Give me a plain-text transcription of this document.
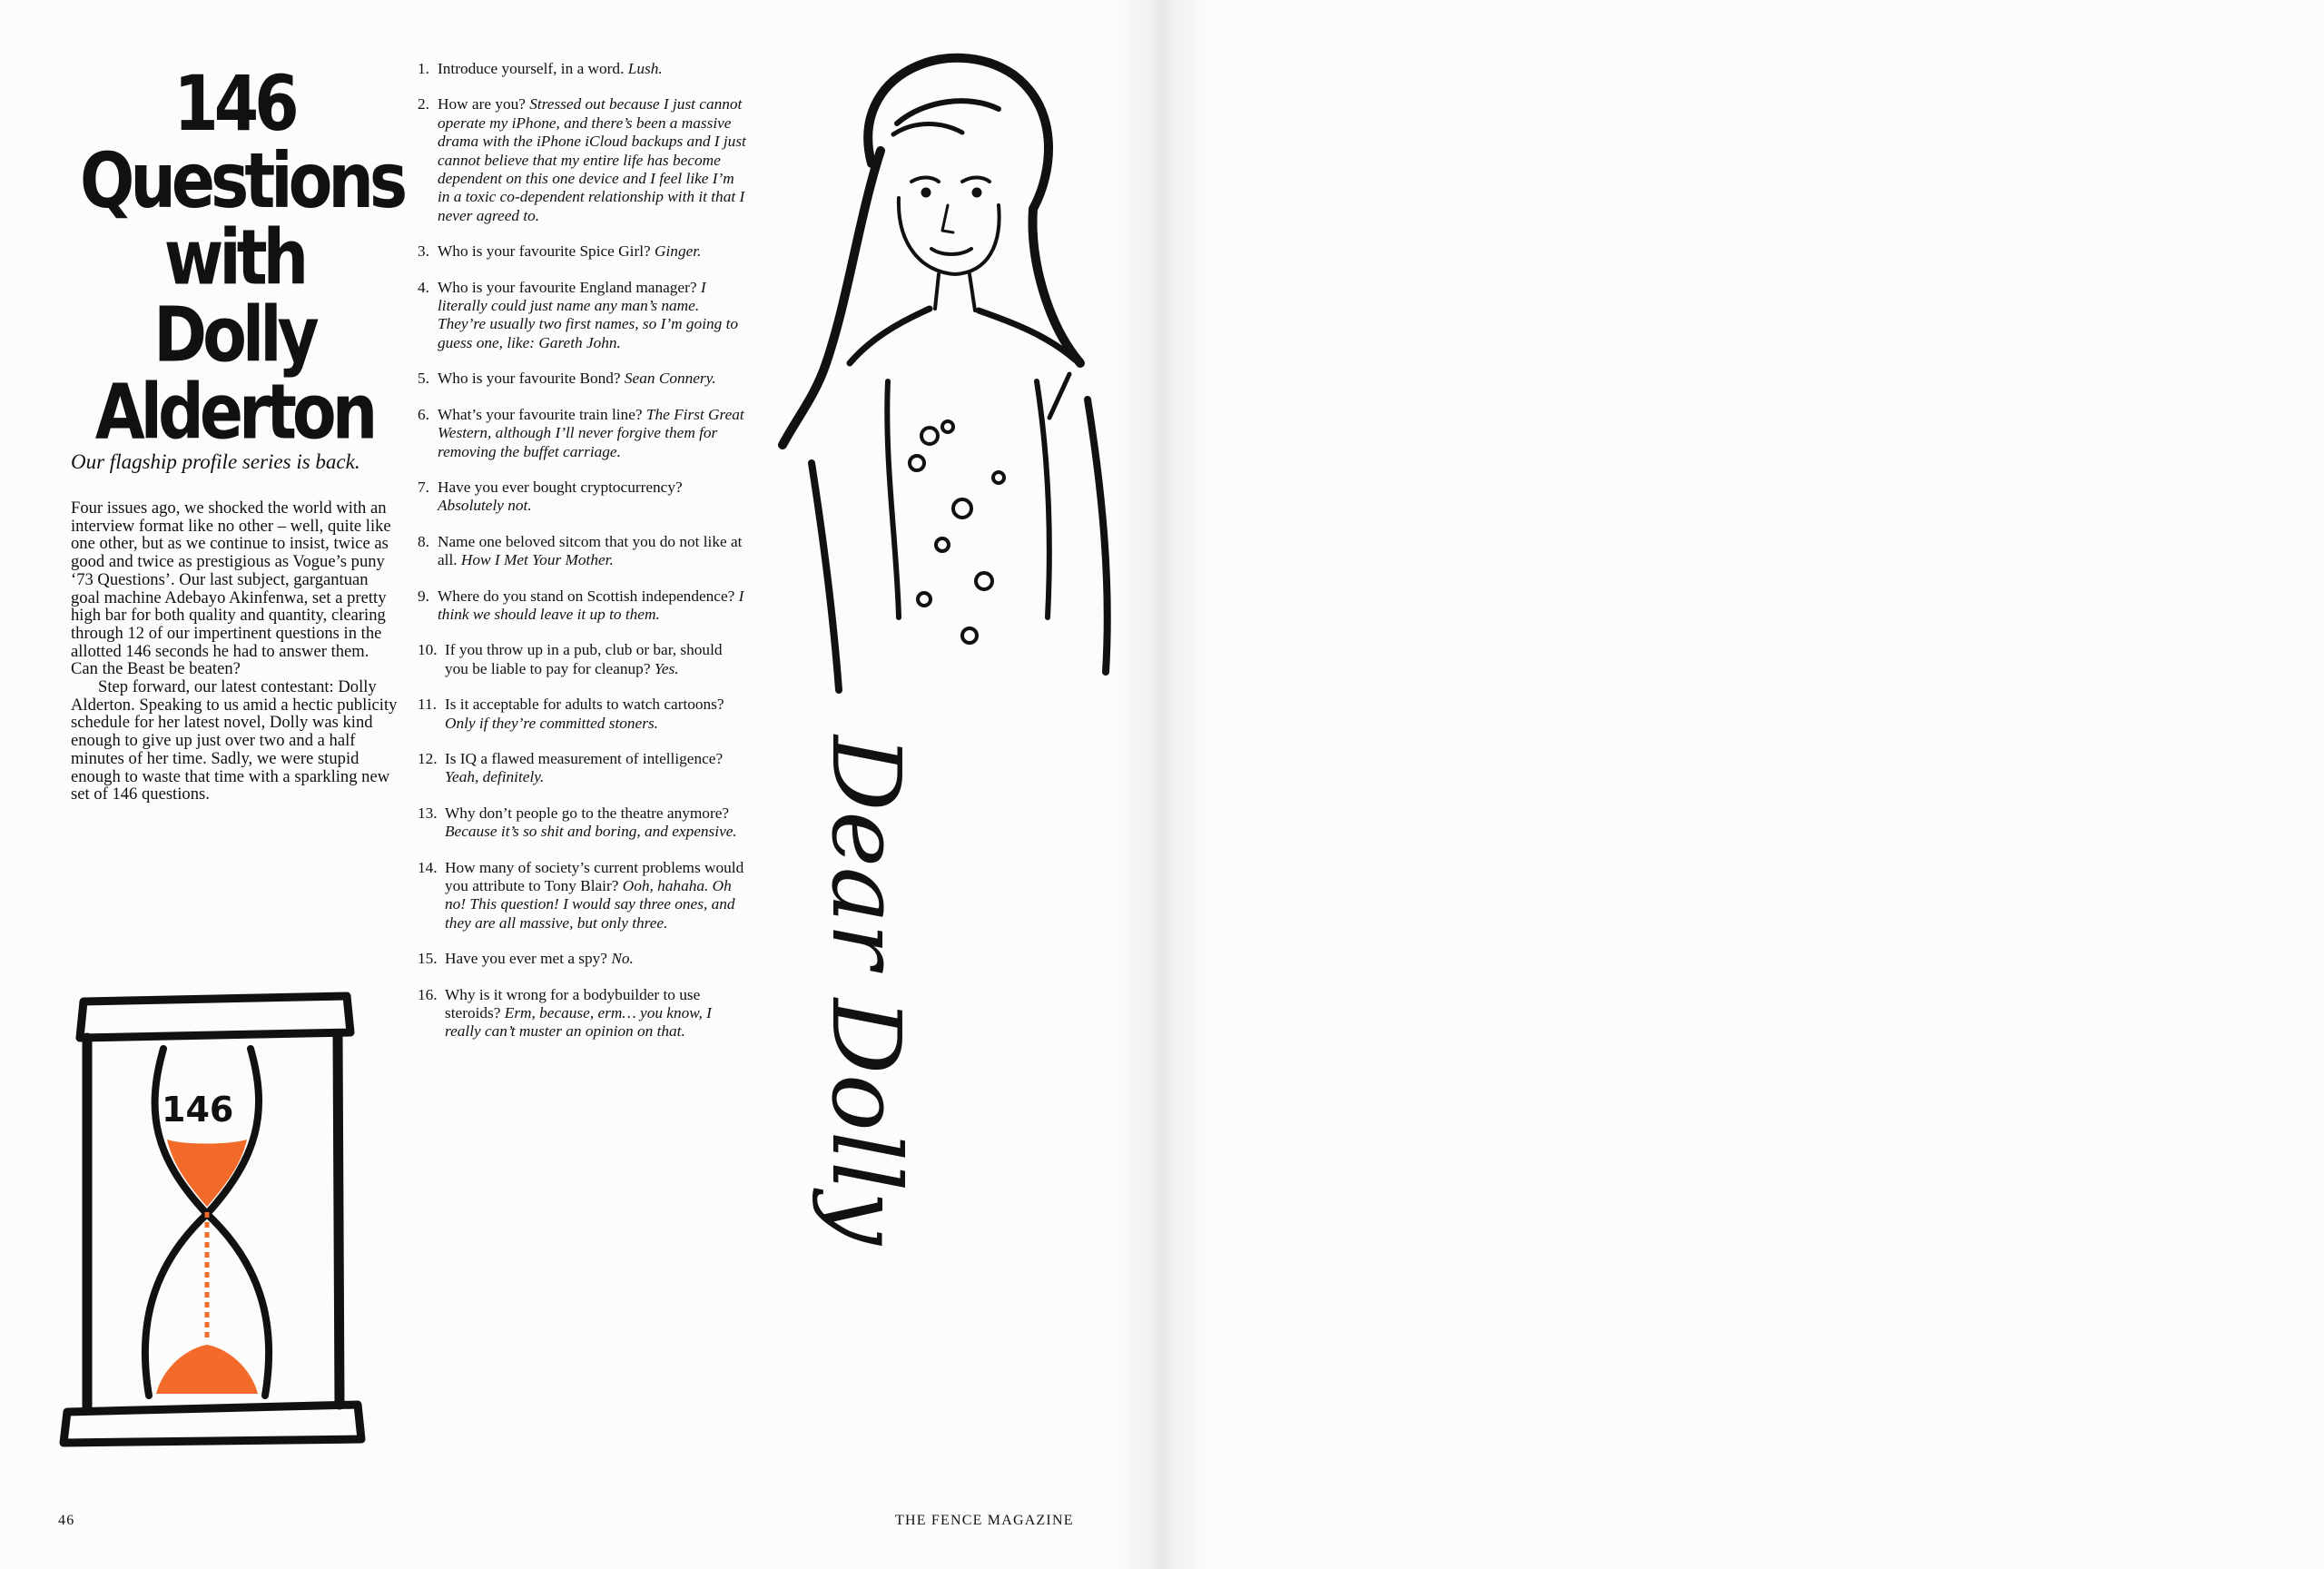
146
Questions
with Dolly
Alderton

Our flagship profile series is back.

Four issues ago, we shocked the world with an interview format like no other – well, quite like one other, but as we continue to insist, twice as good and twice as prestigious as Vogue’s puny ‘73 Questions’. Our last subject, gargantuan goal machine Adebayo Akinfenwa, set a pretty high bar for both quality and quantity, clearing through 12 of our impertinent questions in the allotted 146 seconds he had to answer them. Can the Beast be beaten?

Step forward, our latest contestant: Dolly Alderton. Speaking to us amid a hectic publicity schedule for her latest novel, Dolly was kind enough to give up just over two and a half minutes of her time. Sadly, we were stupid enough to waste that time with a sparkling new set of 146 questions.

146
1. Introduce yourself, in a word. Lush.
2. How are you? Stressed out because I just cannot operate my iPhone, and there’s been a massive drama with the iPhone iCloud backups and I just cannot believe that my entire life has become dependent on this one device and I feel like I’m in a toxic co-dependent relationship with it that I never agreed to.
3. Who is your favourite Spice Girl? Ginger.
4. Who is your favourite England manager? I literally could just name any man’s name. They’re usually two first names, so I’m going to guess one, like: Gareth John.
5. Who is your favourite Bond? Sean Connery.
6. What’s your favourite train line? The First Great Western, although I’ll never forgive them for removing the buffet carriage.
7. Have you ever bought cryptocurrency? Absolutely not.
8. Name one beloved sitcom that you do not like at all. How I Met Your Mother.
9. Where do you stand on Scottish independence? I think we should leave it up to them.
10. If you throw up in a pub, club or bar, should you be liable to pay for cleanup? Yes.
11. Is it acceptable for adults to watch cartoons? Only if they’re committed stoners.
12. Is IQ a flawed measurement of intelligence? Yeah, definitely.
13. Why don’t people go to the theatre anymore? Because it’s so shit and boring, and expensive.
14. How many of society’s current problems would you attribute to Tony Blair? Ooh, hahaha. Oh no! This question! I would say three ones, and they are all massive, but only three.
15. Have you ever met a spy? No.
16. Why is it wrong for a bodybuilder to use steroids? Erm, because, erm… you know, I really can’t muster an opinion on that.	Dear Dolly
46	THE FENCE MAGAZINE
